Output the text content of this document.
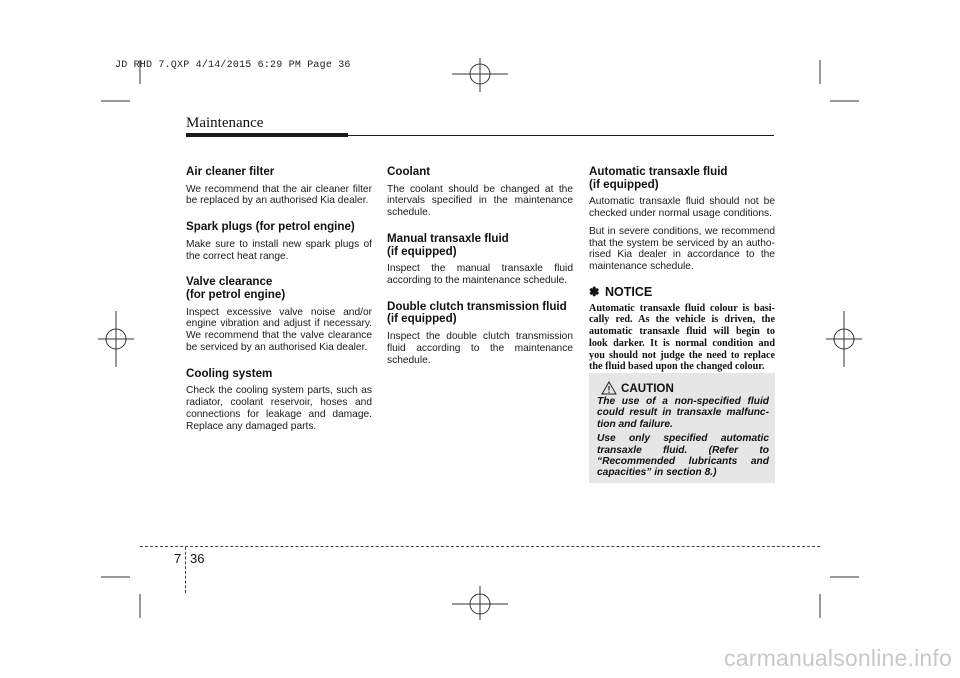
JD RHD 7.QXP 4/14/2015 6:29 PM Page 36
Maintenance
Air cleaner filter

We recommend that the air cleaner filter be replaced by an authorised Kia dealer.

Spark plugs (for petrol engine)

Make sure to install new spark plugs of the correct heat range.

Valve clearance
(for petrol engine)

Inspect excessive valve noise and/or engine vibration and adjust if necessary. We recommend that the valve clearance be serviced by an authorised Kia dealer.

Cooling system

Check the cooling system parts, such as radiator, coolant reservoir, hoses and connections for leakage and damage. Replace any damaged parts.

Coolant

The coolant should be changed at the intervals specified in the maintenance schedule.

Manual transaxle fluid
(if equipped)

Inspect the manual transaxle fluid according to the maintenance schedule.

Double clutch transmission fluid
(if equipped)

Inspect the double clutch transmission fluid according to the maintenance schedule.

Automatic transaxle fluid
(if equipped)

Automatic transaxle fluid should not be checked under normal usage conditions.

But in severe conditions, we recommend that the system be serviced by an autho-rised Kia dealer in accordance to the maintenance schedule.

✽ NOTICE

Automatic transaxle fluid colour is basi-cally red. As the vehicle is driven, the automatic transaxle fluid will begin to look darker. It is normal condition and you should not judge the need to replace the fluid based upon the changed colour.

CAUTION

The use of a non-specified fluid could result in transaxle malfunc-tion and failure.

Use only specified automatic transaxle fluid. (Refer to “Recommended lubricants and capacities” in section 8.)

7 36
carmanualsonline.info
